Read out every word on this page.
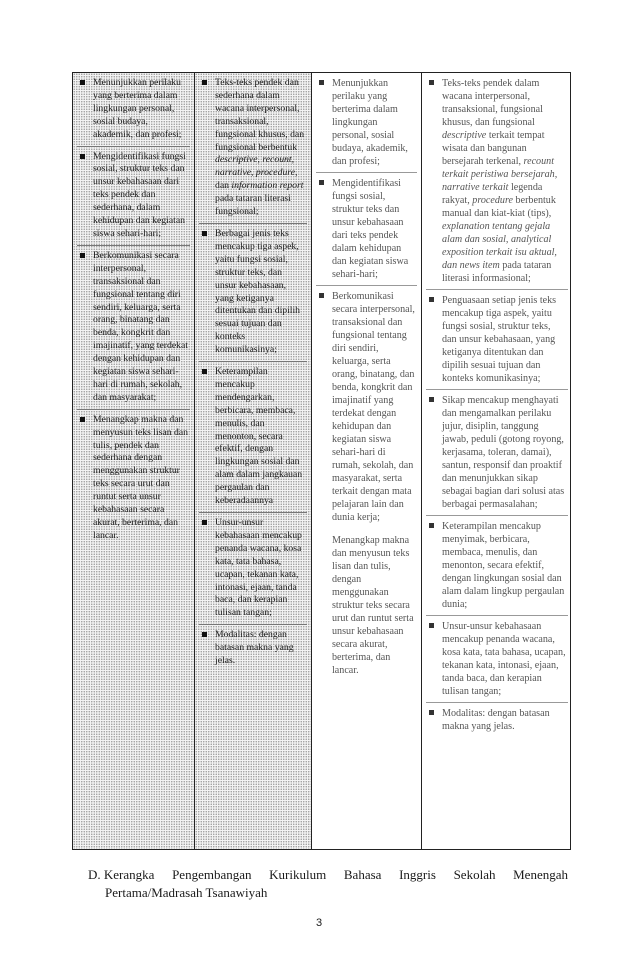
Menunjukkan perilaku yang berterima dalam lingkungan personal, sosial budaya, akademik, dan profesi;
Mengidentifikasi fungsi sosial, struktur teks dan unsur kebahasaan dari teks pendek dan sederhana, dalam kehidupan dan kegiatan siswa sehari-hari;
Berkomunikasi secara interpersonal, transaksional dan fungsional tentang diri sendiri, keluarga, serta orang, binatang dan benda, kongkrit dan imajinatif, yang terdekat dengan kehidupan dan kegiatan siswa sehari-hari di rumah, sekolah, dan masyarakat;
Menangkap makna dan menyusun teks lisan dan tulis, pendek dan sederhana dengan menggunakan struktur teks secara urut dan runtut serta unsur kebahasaan secara akurat, berterima, dan lancar.
Teks-teks pendek dan sederhana dalam wacana interpersonal, transaksional, fungsional khusus, dan fungsional berbentuk descriptive, recount, narrative, procedure, dan information report pada tataran literasi fungsional;
Berbagai jenis teks mencakup tiga aspek, yaitu fungsi sosial, struktur teks, dan unsur kebahasaan, yang ketiganya ditentukan dan dipilih sesuai tujuan dan konteks komunikasinya;
Keterampilan mencakup mendengarkan, berbicara, membaca, menulis, dan menonton, secara efektif, dengan lingkungan sosial dan alam dalam jangkauan pergaulan dan keberadaannya
Unsur-unsur kebahasaan mencakup penanda wacana, kosa kata, tata bahasa, ucapan, tekanan kata, intonasi, ejaan, tanda baca, dan kerapian tulisan tangan;
Modalitas: dengan batasan makna yang jelas.
Menunjukkan perilaku yang berterima dalam lingkungan personal, sosial budaya, akademik, dan profesi;
Mengidentifikasi fungsi sosial, struktur teks dan unsur kebahasaan dari teks pendek dalam kehidupan dan kegiatan siswa sehari-hari;
Berkomunikasi secara interpersonal, transaksional dan fungsional tentang diri sendiri, keluarga, serta orang, binatang, dan benda, kongkrit dan imajinatif yang terdekat dengan kehidupan dan kegiatan siswa sehari-hari di rumah, sekolah, dan masyarakat, serta terkait dengan mata pelajaran lain dan dunia kerja;
Menangkap makna dan menyusun teks lisan dan tulis, dengan menggunakan struktur teks secara urut dan runtut serta unsur kebahasaan secara akurat, berterima, dan lancar.
Teks-teks pendek dalam wacana interpersonal, transaksional, fungsional khusus, dan fungsional descriptive terkait tempat wisata dan bangunan bersejarah terkenal, recount terkait peristiwa bersejarah, narrative terkait legenda rakyat, procedure berbentuk manual dan kiat-kiat (tips), explanation tentang gejala alam dan sosial, analytical exposition terkait isu aktual, dan news item pada tataran literasi informasional;
Penguasaan setiap jenis teks mencakup tiga aspek, yaitu fungsi sosial, struktur teks, dan unsur kebahasaan, yang ketiganya ditentukan dan dipilih sesuai tujuan dan konteks komunikasinya;
Sikap mencakup menghayati dan mengamalkan perilaku jujur, disiplin, tanggung jawab, peduli (gotong royong, kerjasama, toleran, damai), santun, responsif dan proaktif dan menunjukkan sikap sebagai bagian dari solusi atas berbagai permasalahan;
Keterampilan mencakup menyimak, berbicara, membaca, menulis, dan menonton, secara efektif, dengan lingkungan sosial dan alam dalam lingkup pergaulan dunia;
Unsur-unsur kebahasaan mencakup penanda wacana, kosa kata, tata bahasa, ucapan, tekanan kata, intonasi, ejaan, tanda baca, dan kerapian tulisan tangan;
Modalitas: dengan batasan makna yang jelas.
D. Kerangka Pengembangan Kurikulum Bahasa Inggris Sekolah Menengah
Pertama/Madrasah Tsanawiyah
3
